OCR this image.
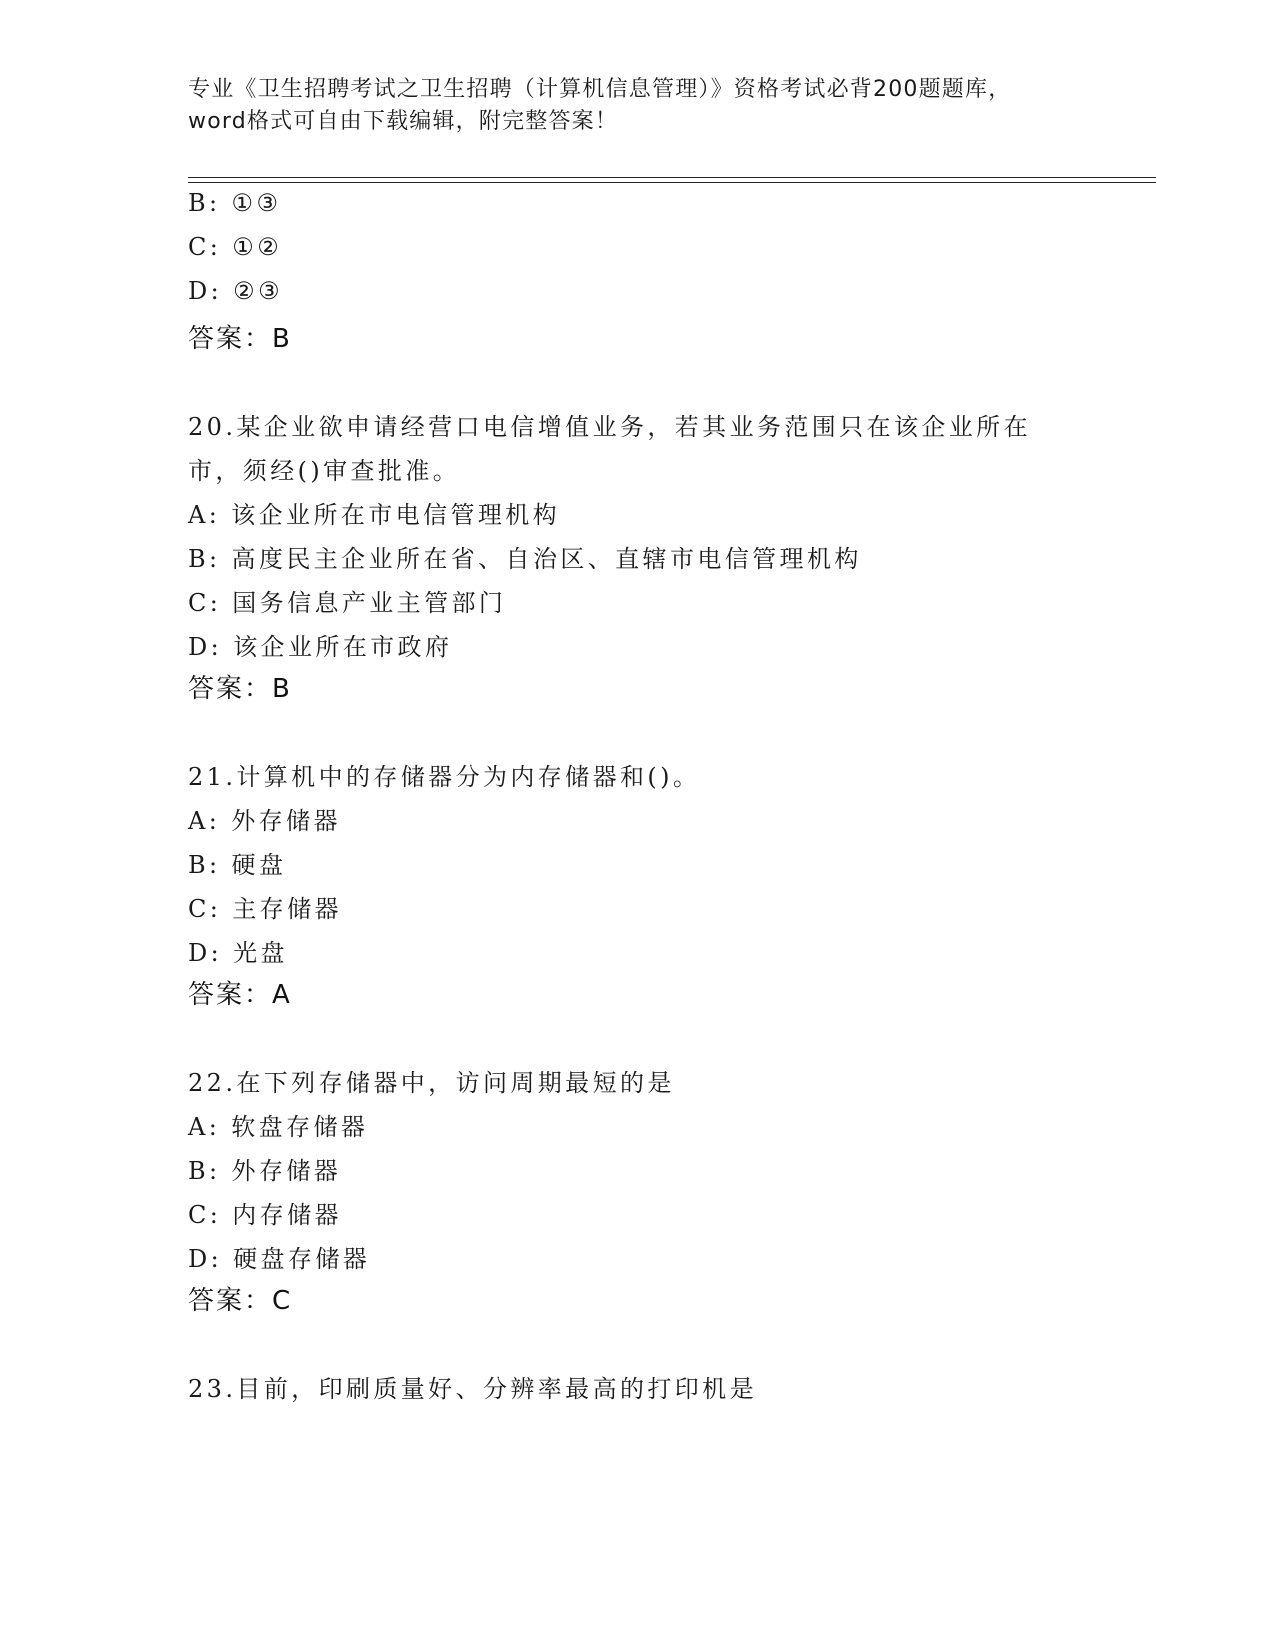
专业《卫生招聘考试之卫生招聘（计算机信息管理）》资格考试必背200题题库，
word格式可自由下载编辑，附完整答案！
B: ①③
C: ①②
D: ②③
答案：B
20.某企业欲申请经营口电信增值业务，若其业务范围只在该企业所在
市，须经()审查批准。
A: 该企业所在市电信管理机构
B: 高度民主企业所在省、自治区、直辖市电信管理机构
C: 国务信息产业主管部门
D: 该企业所在市政府
答案：B
21.计算机中的存储器分为内存储器和()。
A: 外存储器
B: 硬盘
C: 主存储器
D: 光盘
答案：A
22.在下列存储器中，访问周期最短的是
A: 软盘存储器
B: 外存储器
C: 内存储器
D: 硬盘存储器
答案：C
23.目前，印刷质量好、分辨率最高的打印机是
